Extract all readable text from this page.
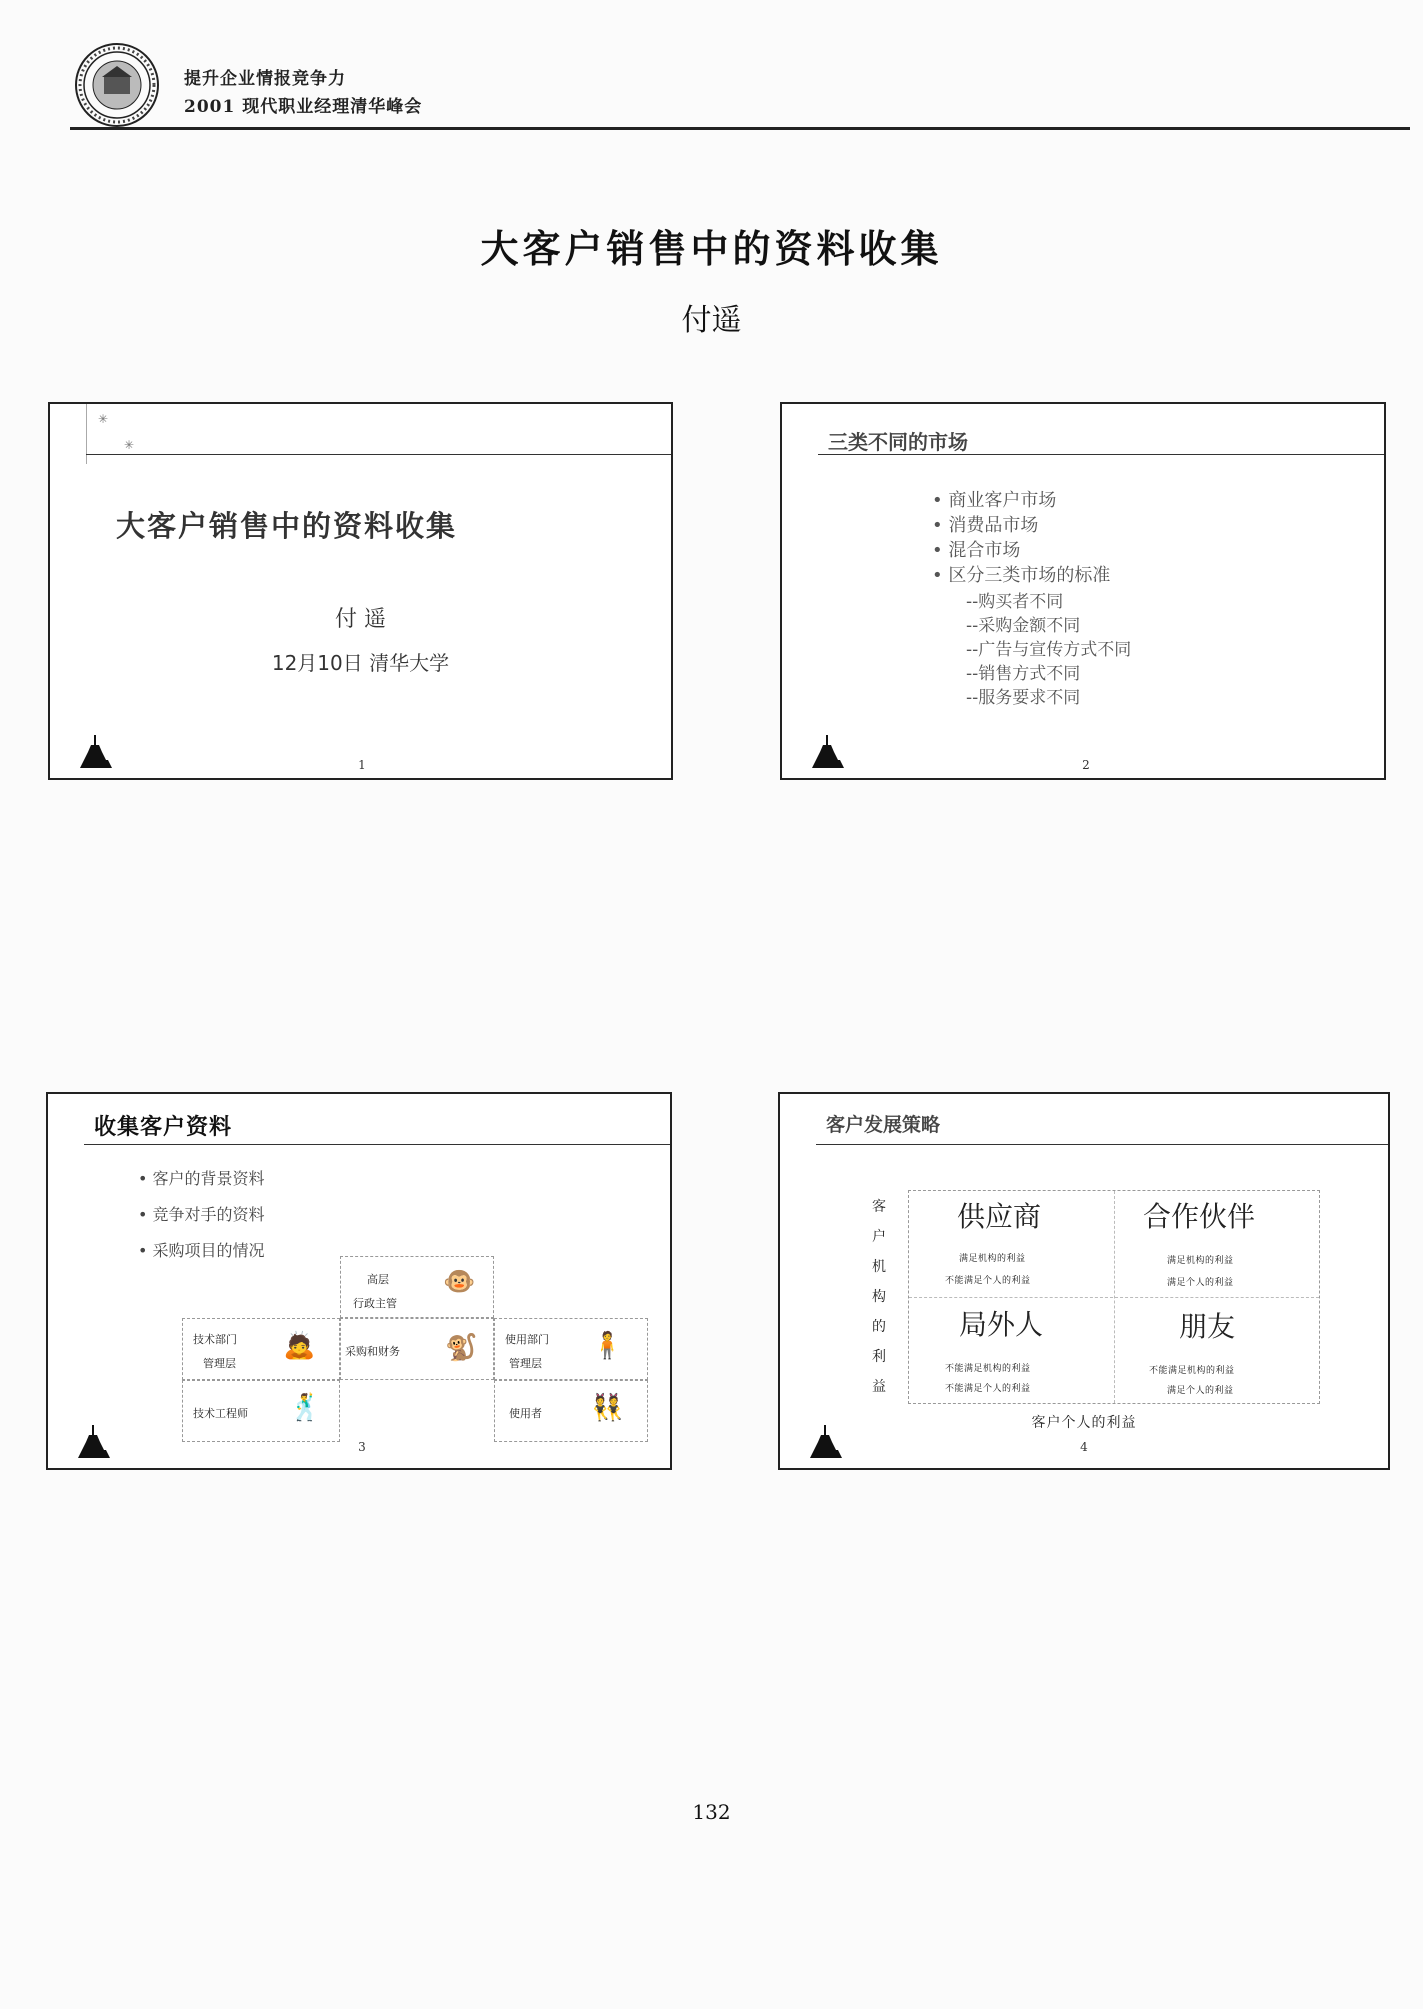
提升企业情报竞争力
2001 现代职业经理清华峰会
大客户销售中的资料收集
付遥
✳
✳
大客户销售中的资料收集
付 遥
12月10日 清华大学
1
三类不同的市场
• 商业客户市场
• 消费品市场
• 混合市场
• 区分三类市场的标准
--购买者不同
--采购金额不同
--广告与宣传方式不同
--销售方式不同
--服务要求不同
2
收集客户资料
• 客户的背景资料
• 竞争对手的资料
• 采购项目的情况
高层
行政主管
🐵
技术部门
管理层
🙇	采购和财务 🐒	使用部门
管理层
🧍
技术工程师 🕺	使用者 👯
3
客户发展策略
客
户
机
构
的
利
益
供应商
满足机构的利益
不能满足个人的利益
合作伙伴
满足机构的利益
满足个人的利益
局外人
不能满足机构的利益
不能满足个人的利益
朋友
不能满足机构的利益
满足个人的利益
客户个人的利益
4
132
